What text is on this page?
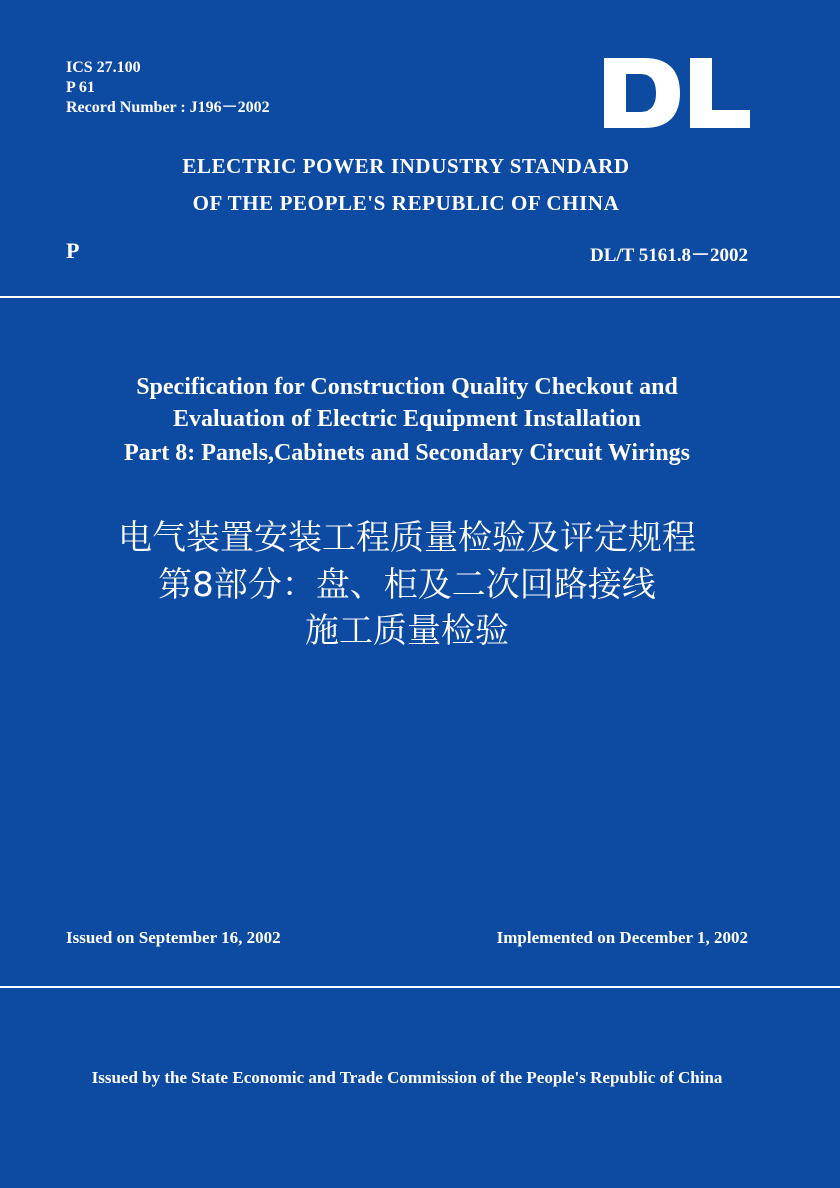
ICS 27.100
P 61
Record Number : J196－2002
ELECTRIC POWER INDUSTRY STANDARD
OF THE PEOPLE'S REPUBLIC OF CHINA
P	DL/T 5161.8－2002
Specification for Construction Quality Checkout and
Evaluation of Electric Equipment Installation
Part 8: Panels,Cabinets and Secondary Circuit Wirings
电气装置安装工程质量检验及评定规程
第8部分：盘、柜及二次回路接线
施工质量检验
Issued on September 16, 2002	Implemented on December 1, 2002
Issued by the State Economic and Trade Commission of the People's Republic of China
